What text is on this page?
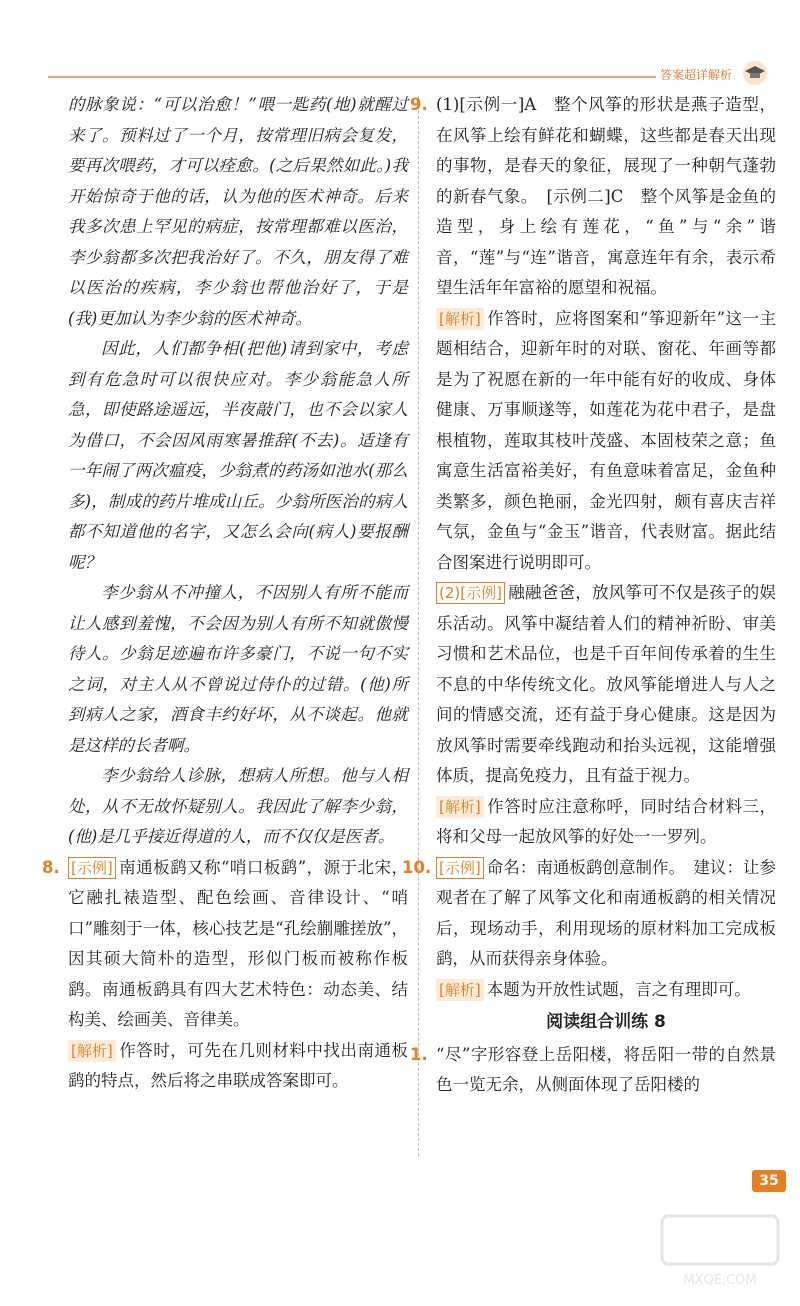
答案超详解析

的脉象说：“可以治愈！”喂一匙药(地)就醒过来了。预料过了一个月，按常理旧病会复发，要再次喂药，才可以痊愈。(之后果然如此。)我开始惊奇于他的话，认为他的医术神奇。后来我多次患上罕见的病症，按常理都难以医治，李少翁都多次把我治好了。不久，朋友得了难以医治的疾病，李少翁也帮他治好了，于是(我)更加认为李少翁的医术神奇。

因此，人们都争相(把他)请到家中，考虑到有危急时可以很快应对。李少翁能急人所急，即使路途遥远，半夜敲门，也不会以家人为借口，不会因风雨寒暑推辞(不去)。适逢有一年闹了两次瘟疫，少翁煮的药汤如池水(那么多)，制成的药片堆成山丘。少翁所医治的病人都不知道他的名字，又怎么会向(病人)要报酬呢？

李少翁从不冲撞人，不因别人有所不能而让人感到羞愧，不会因为别人有所不知就傲慢待人。少翁足迹遍布许多豪门，不说一句不实之词，对主人从不曾说过侍仆的过错。(他)所到病人之家，酒食丰约好坏，从不谈起。他就是这样的长者啊。

李少翁给人诊脉，想病人所想。他与人相处，从不无故怀疑别人。我因此了解李少翁，(他)是几乎接近得道的人，而不仅仅是医者。

8. [示例] 南通板鹞又称“哨口板鹞”，源于北宋，它融扎裱造型、配色绘画、音律设计、“哨口”雕刻于一体，核心技艺是“孔绘蒯雕搓放”，因其硕大简朴的造型，形似门板而被称作板鹞。南通板鹞具有四大艺术特色：动态美、结构美、绘画美、音律美。

[解析] 作答时，可先在几则材料中找出南通板鹞的特点，然后将之串联成答案即可。

9. (1)[示例一]A　整个风筝的形状是燕子造型，在风筝上绘有鲜花和蝴蝶，这些都是春天出现的事物，是春天的象征，展现了一种朝气蓬勃的新春气象。　[示例二]C　整个风筝是金鱼的造型，身上绘有莲花，“鱼”与“余”谐音，“莲”与“连”谐音，寓意连年有余，表示希望生活年年富裕的愿望和祝福。

[解析] 作答时，应将图案和“筝迎新年”这一主题相结合，迎新年时的对联、窗花、年画等都是为了祝愿在新的一年中能有好的收成、身体健康、万事顺遂等，如莲花为花中君子，是盘根植物，莲取其枝叶茂盛、本固枝荣之意；鱼寓意生活富裕美好，有鱼意味着富足，金鱼种类繁多，颜色艳丽，金光四射，颇有喜庆吉祥气氛，金鱼与“金玉”谐音，代表财富。据此结合图案进行说明即可。

(2)[示例] 融融爸爸，放风筝可不仅是孩子的娱乐活动。风筝中凝结着人们的精神祈盼、审美习惯和艺术品位，也是千百年间传承着的生生不息的中华传统文化。放风筝能增进人与人之间的情感交流，还有益于身心健康。这是因为放风筝时需要牵线跑动和抬头远视，这能增强体质，提高免疫力，且有益于视力。

[解析] 作答时应注意称呼，同时结合材料三，将和父母一起放风筝的好处一一罗列。

10. [示例] 命名：南通板鹞创意制作。　建议：让参观者在了解了风筝文化和南通板鹞的相关情况后，现场动手，利用现场的原材料加工完成板鹞，从而获得亲身体验。

[解析] 本题为开放性试题，言之有理即可。

阅读组合训练 8
1. “尽”字形容登上岳阳楼，将岳阳一带的自然景色一览无余，从侧面体现了岳阳楼的

35
MXQE.COM
